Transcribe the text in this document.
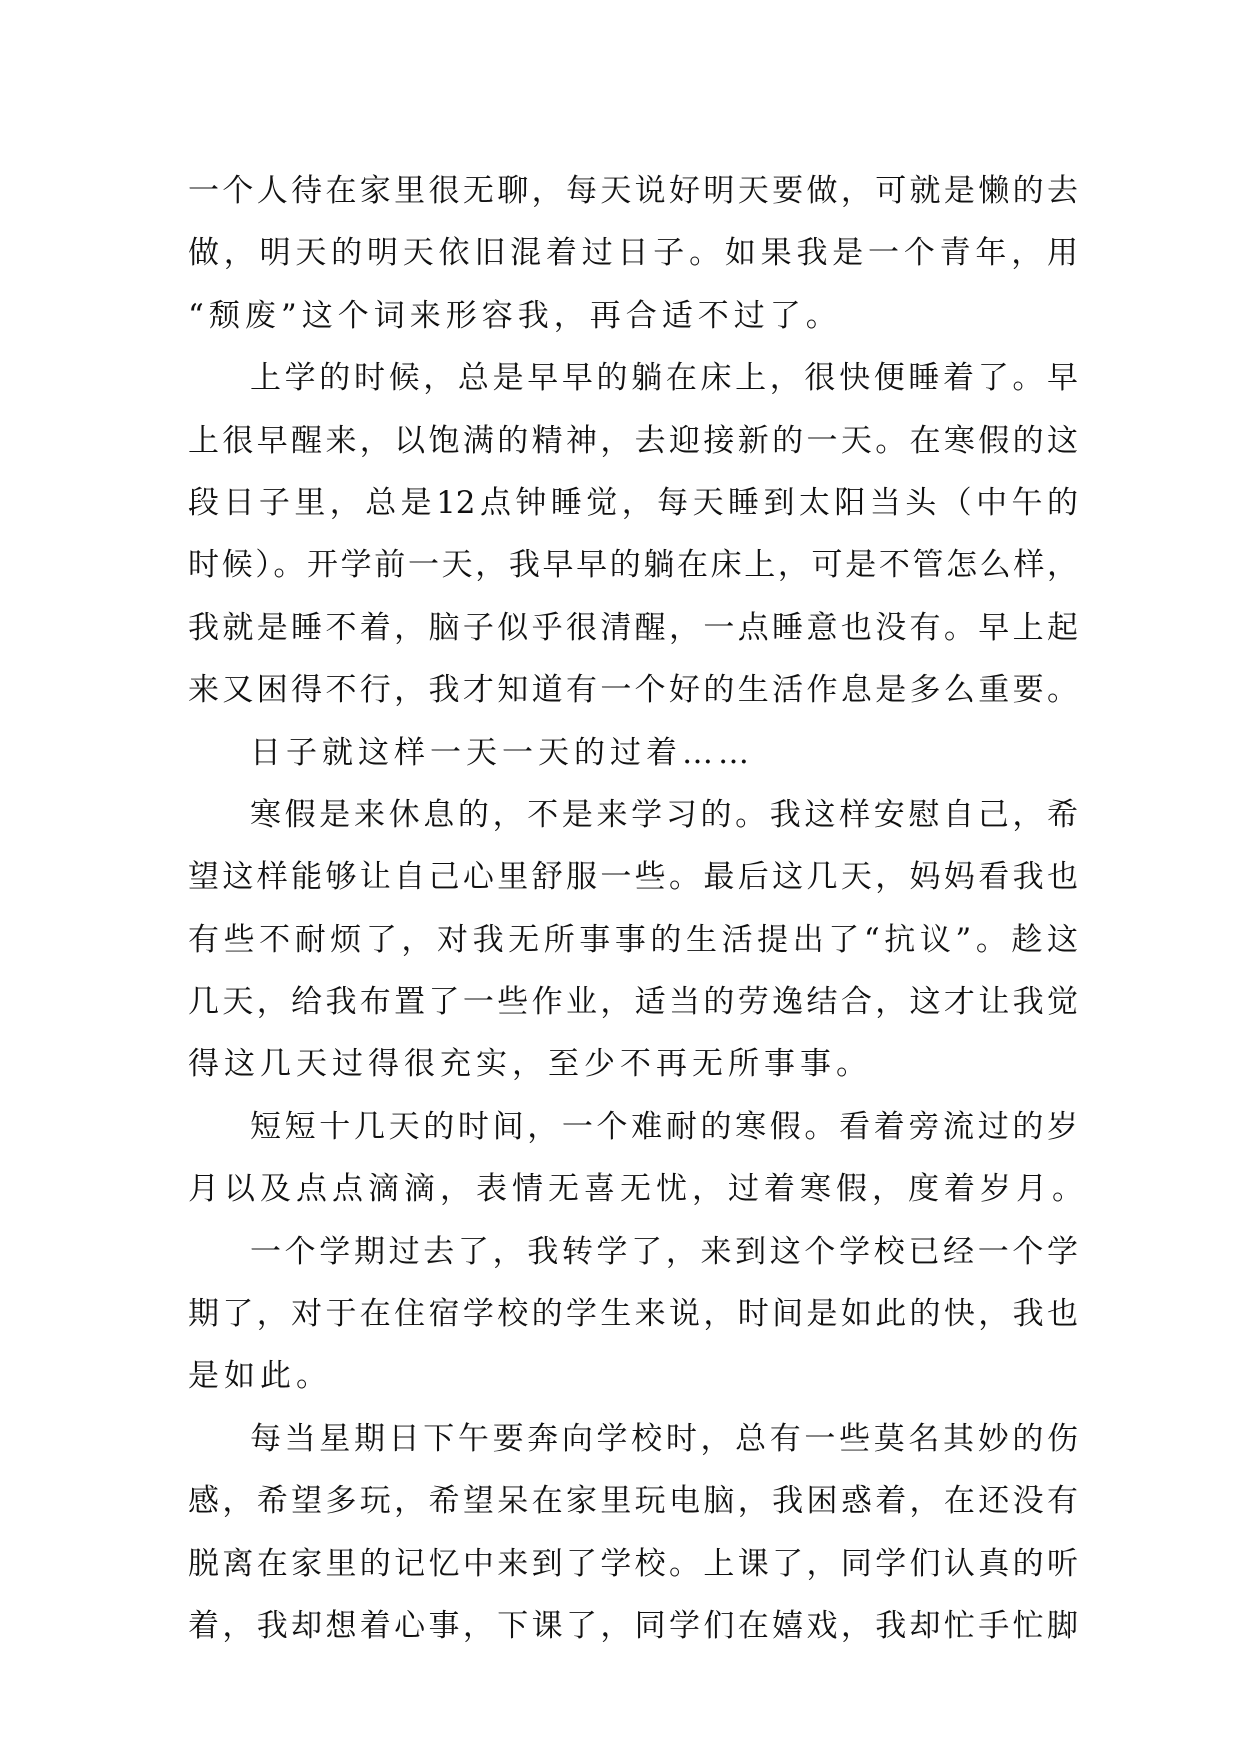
一个人待在家里很无聊，每天说好明天要做，可就是懒的去
做，明天的明天依旧混着过日子。如果我是一个青年，用
“颓废”这个词来形容我，再合适不过了。
上学的时候，总是早早的躺在床上，很快便睡着了。早
上很早醒来，以饱满的精神，去迎接新的一天。在寒假的这
段日子里，总是12点钟睡觉，每天睡到太阳当头（中午的
时候）。开学前一天，我早早的躺在床上，可是不管怎么样，
我就是睡不着，脑子似乎很清醒，一点睡意也没有。早上起
来又困得不行，我才知道有一个好的生活作息是多么重要。
日子就这样一天一天的过着……
寒假是来休息的，不是来学习的。我这样安慰自己，希
望这样能够让自己心里舒服一些。最后这几天，妈妈看我也
有些不耐烦了，对我无所事事的生活提出了“抗议”。趁这
几天，给我布置了一些作业，适当的劳逸结合，这才让我觉
得这几天过得很充实，至少不再无所事事。
短短十几天的时间，一个难耐的寒假。看着旁流过的岁
月以及点点滴滴，表情无喜无忧，过着寒假，度着岁月。
一个学期过去了，我转学了，来到这个学校已经一个学
期了，对于在住宿学校的学生来说，时间是如此的快，我也
是如此。
每当星期日下午要奔向学校时，总有一些莫名其妙的伤
感，希望多玩，希望呆在家里玩电脑，我困惑着，在还没有
脱离在家里的记忆中来到了学校。上课了，同学们认真的听
着，我却想着心事，下课了，同学们在嬉戏，我却忙手忙脚
